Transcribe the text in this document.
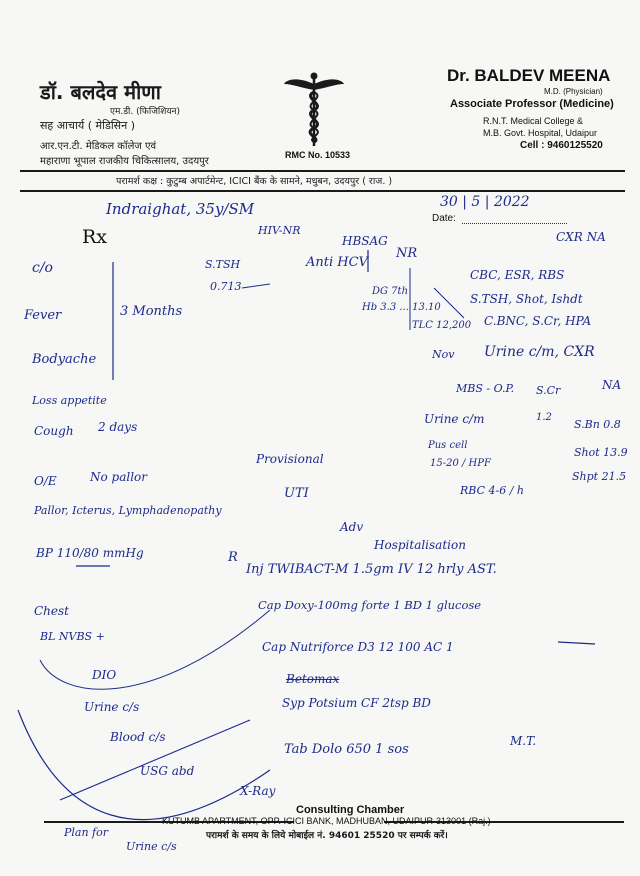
डॉ. बलदेव मीणा
एम.डी. (फिजिशियन)
सह आचार्य ( मेडिसिन )
आर.एन.टी. मेडिकल कॉलेज एवं
महाराणा भूपाल राजकीय चिकित्सालय, उदयपुर
RMC No. 10533
Dr. BALDEV MEENA
M.D. (Physician)
Associate Professor (Medicine)
R.N.T. Medical College &
M.B. Govt. Hospital, Udaipur
Cell : 9460125520
परामर्श कक्ष : कुटुम्ब अपार्टमेन्ट, ICICI बैंक के सामने, मधुबन, उदयपुर ( राज. )
Date:
Rx
Indraighat, 35y/SM	30 | 5 | 2022
HIV-NR
HBSAG
Anti HCV
NR
CXR NA
S.TSH
0.713
c/o
Fever	3 Months
Bodyache
Loss appetite
Cough 2 days
DG 7th
Hb 3.3 ... 13.10
TLC 12,200
CBC, ESR, RBS
S.TSH, Shot, Ishdt
C.BNC, S.Cr, HPA
Nov Urine c/m, CXR
NA
MBS - O.P. S.Cr
Urine c/m
Pus cell
1.2
S.Bn 0.8
15-20 / HPF
Shot 13.9
RBC 4-6 / h
Shpt 21.5
O/E	No pallor
Pallor, Icterus, Lymphadenopathy
BP 110/80 mmHg
Provisional
UTI
Adv
Hospitalisation
R
Chest
BL NVBS +
Inj TWIBACT-M 1.5gm IV 12 hrly AST.
Cap Doxy-100mg forte 1 BD 1 glucose
Cap Nutriforce D3 12 100 AC 1
Betomax
Syp Potsium CF 2tsp BD
Tab Dolo 650 1 sos
M.T.
DIO
Urine c/s
Blood c/s
USG abd
Plan for
Urine c/s
X-Ray
Consulting Chamber
KUTUMB APARTMENT, OPP. ICICI BANK, MADHUBAN, UDAIPUR-313001 (Raj.)
परामर्श के समय के लिये मोबाईल नं. 94601 25520 पर सम्पर्क करें।
